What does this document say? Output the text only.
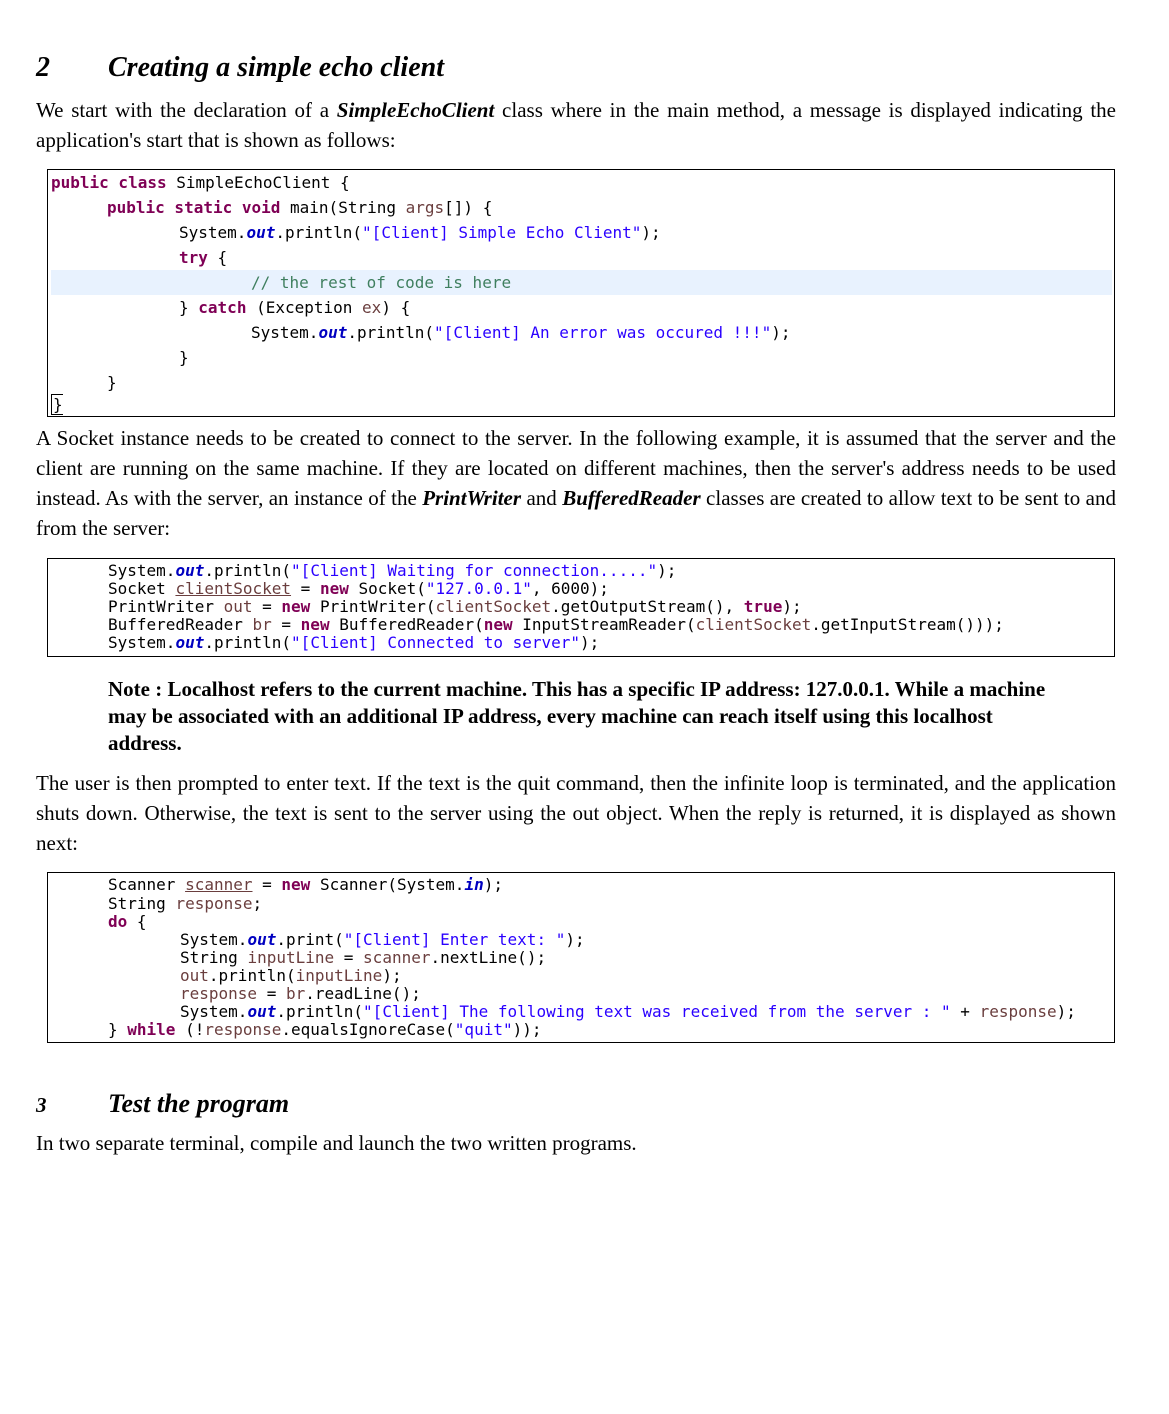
2 Creating a simple echo client

We start with the declaration of a SimpleEchoClient class where in the main method, a message is displayed indicating the application's start that is shown as follows:

public class SimpleEchoClient {

public static void main(String args[]) {

System.out.println("[Client] Simple Echo Client");

try {

// the rest of code is here

} catch (Exception ex) {

System.out.println("[Client] An error was occured !!!");

}

}

}

A Socket instance needs to be created to connect to the server. In the following example, it is assumed that the server and the client are running on the same machine. If they are located on different machines, then the server's address needs to be used instead. As with the server, an instance of the PrintWriter and BufferedReader classes are created to allow text to be sent to and from the server:

System.out.println("[Client] Waiting for connection.....");

Socket clientSocket = new Socket("127.0.0.1", 6000);

PrintWriter out = new PrintWriter(clientSocket.getOutputStream(), true);

BufferedReader br = new BufferedReader(new InputStreamReader(clientSocket.getInputStream()));

System.out.println("[Client] Connected to server");

Note : Localhost refers to the current machine. This has a specific IP address: 127.0.0.1. While a machine may be associated with an additional IP address, every machine can reach itself using this localhost address.

The user is then prompted to enter text. If the text is the quit command, then the infinite loop is terminated, and the application shuts down. Otherwise, the text is sent to the server using the out object. When the reply is returned, it is displayed as shown next:

Scanner scanner = new Scanner(System.in);

String response;

do {

System.out.print("[Client] Enter text: ");

String inputLine = scanner.nextLine();

out.println(inputLine);

response = br.readLine();

System.out.println("[Client] The following text was received from the server : " + response);

} while (!response.equalsIgnoreCase("quit"));

3 Test the program

In two separate terminal, compile and launch the two written programs.
